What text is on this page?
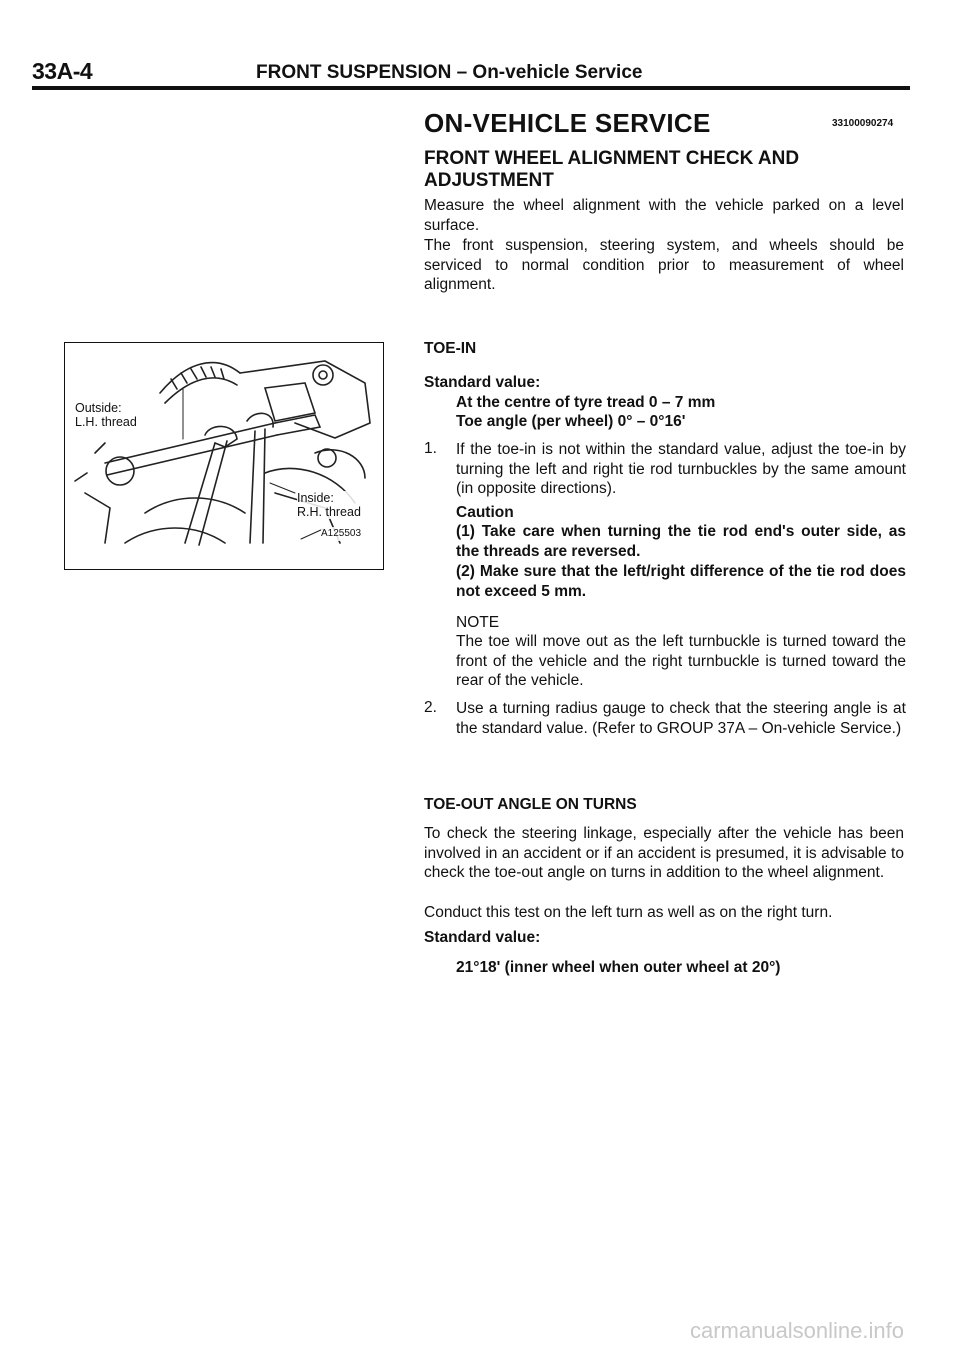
33A-4	FRONT SUSPENSION – On-vehicle Service
ON-VEHICLE SERVICE	33100090274
FRONT WHEEL ALIGNMENT CHECK AND ADJUSTMENT
Measure the wheel alignment with the vehicle parked on a level surface.
The front suspension, steering system, and wheels should be serviced to normal condition prior to measurement of wheel alignment.
Outside: L.H. thread
Inside: R.H. thread
A125503
TOE-IN
Standard value:
At the centre of tyre tread 0 – 7 mm
Toe angle (per wheel) 0° – 0°16'
1. If the toe-in is not within the standard value, adjust the toe-in by turning the left and right tie rod turnbuckles by the same amount (in opposite directions).
Caution
(1) Take care when turning the tie rod end's outer side, as the threads are reversed.
(2) Make sure that the left/right difference of the tie rod does not exceed 5 mm.
NOTE
The toe will move out as the left turnbuckle is turned toward the front of the vehicle and the right turnbuckle is turned toward the rear of the vehicle.
2. Use a turning radius gauge to check that the steering angle is at the standard value. (Refer to GROUP 37A – On-vehicle Service.)
TOE-OUT ANGLE ON TURNS
To check the steering linkage, especially after the vehicle has been involved in an accident or if an accident is presumed, it is advisable to check the toe-out angle on turns in addition to the wheel alignment.
Conduct this test on the left turn as well as on the right turn.
Standard value:
21°18' (inner wheel when outer wheel at 20°)
carmanualsonline.info
